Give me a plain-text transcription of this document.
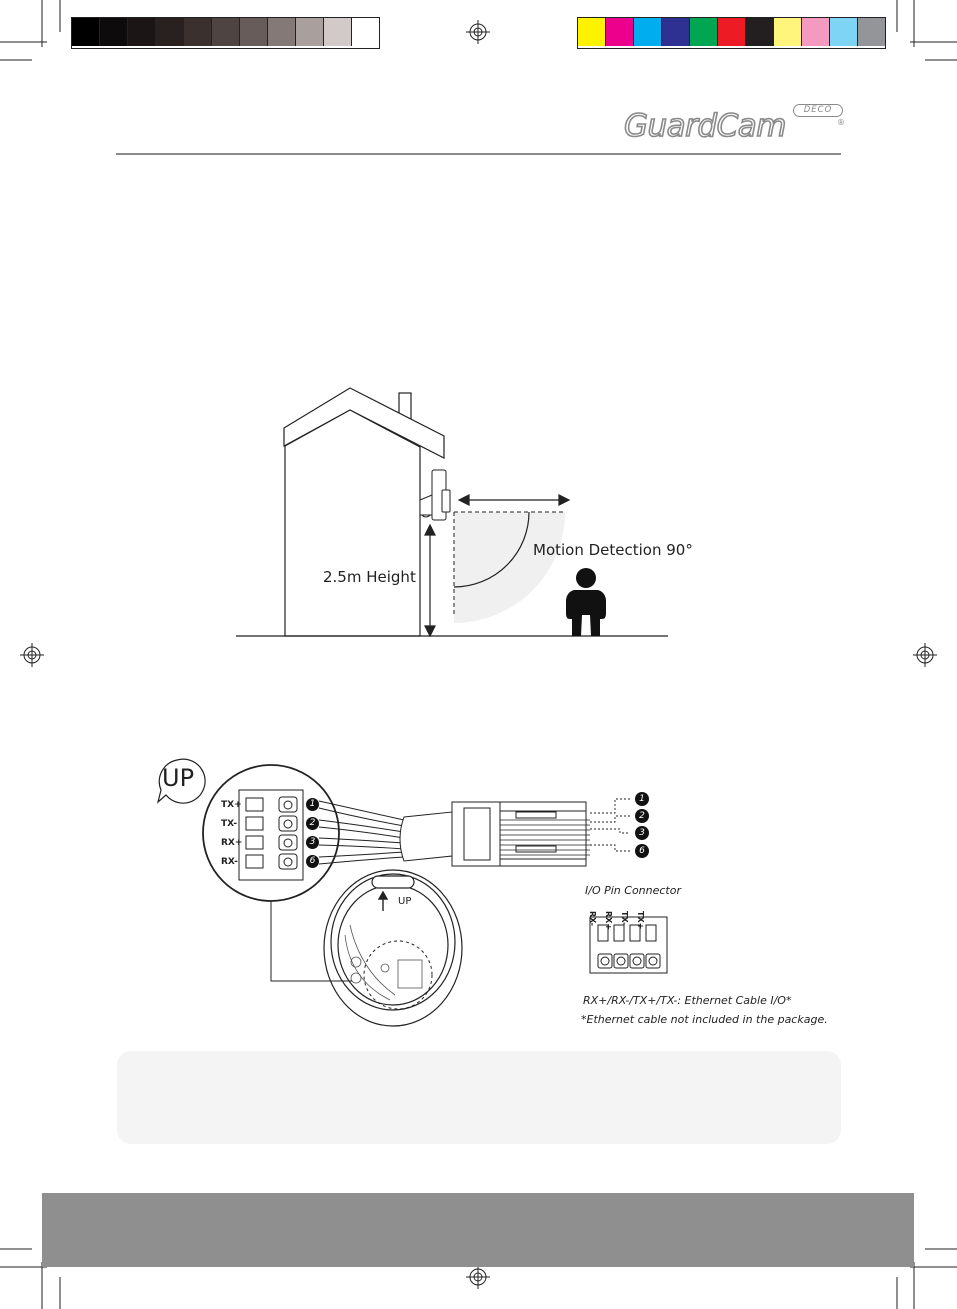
GuardCam	DECO
®
2.5m Height
Motion Detection 90°
UP
UP
TX+
TX-
RX+
RX-
1
2
3
6
1
2
3
6
I/O Pin Connector
RX- RX+ TX- TX+
RX+/RX-/TX+/TX-: Ethernet Cable I/O*
*Ethernet cable not included in the package.
